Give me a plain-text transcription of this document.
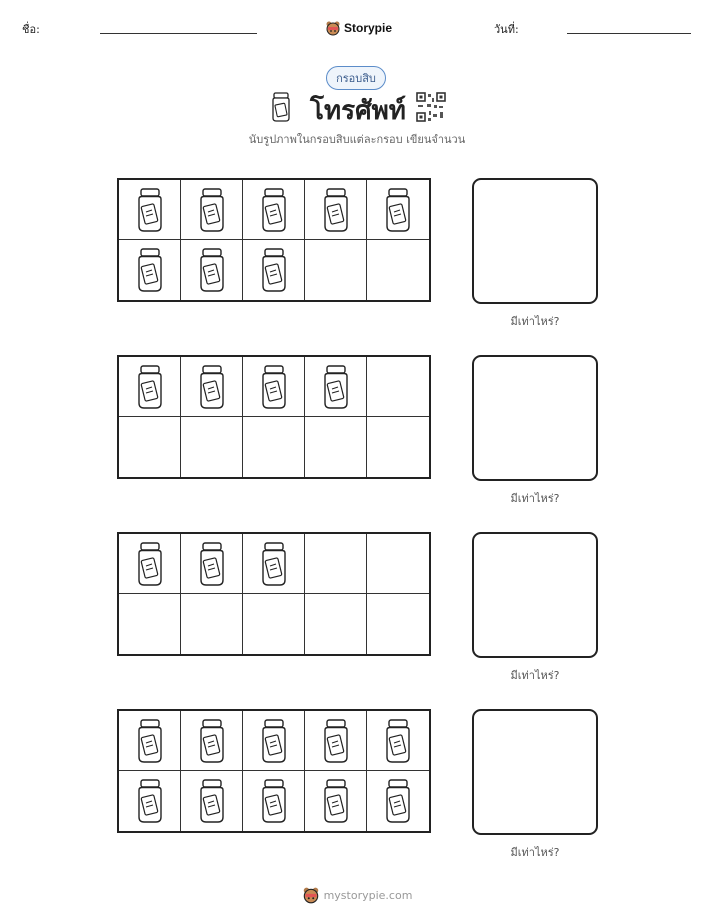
ชื่อ:	Storypie	วันที่:
กรอบสิบ
โทรศัพท์
นับรูปภาพในกรอบสิบแต่ละกรอบ เขียนจำนวน
มีเท่าไหร่?
มีเท่าไหร่?
มีเท่าไหร่?
มีเท่าไหร่?
mystorypie.com
